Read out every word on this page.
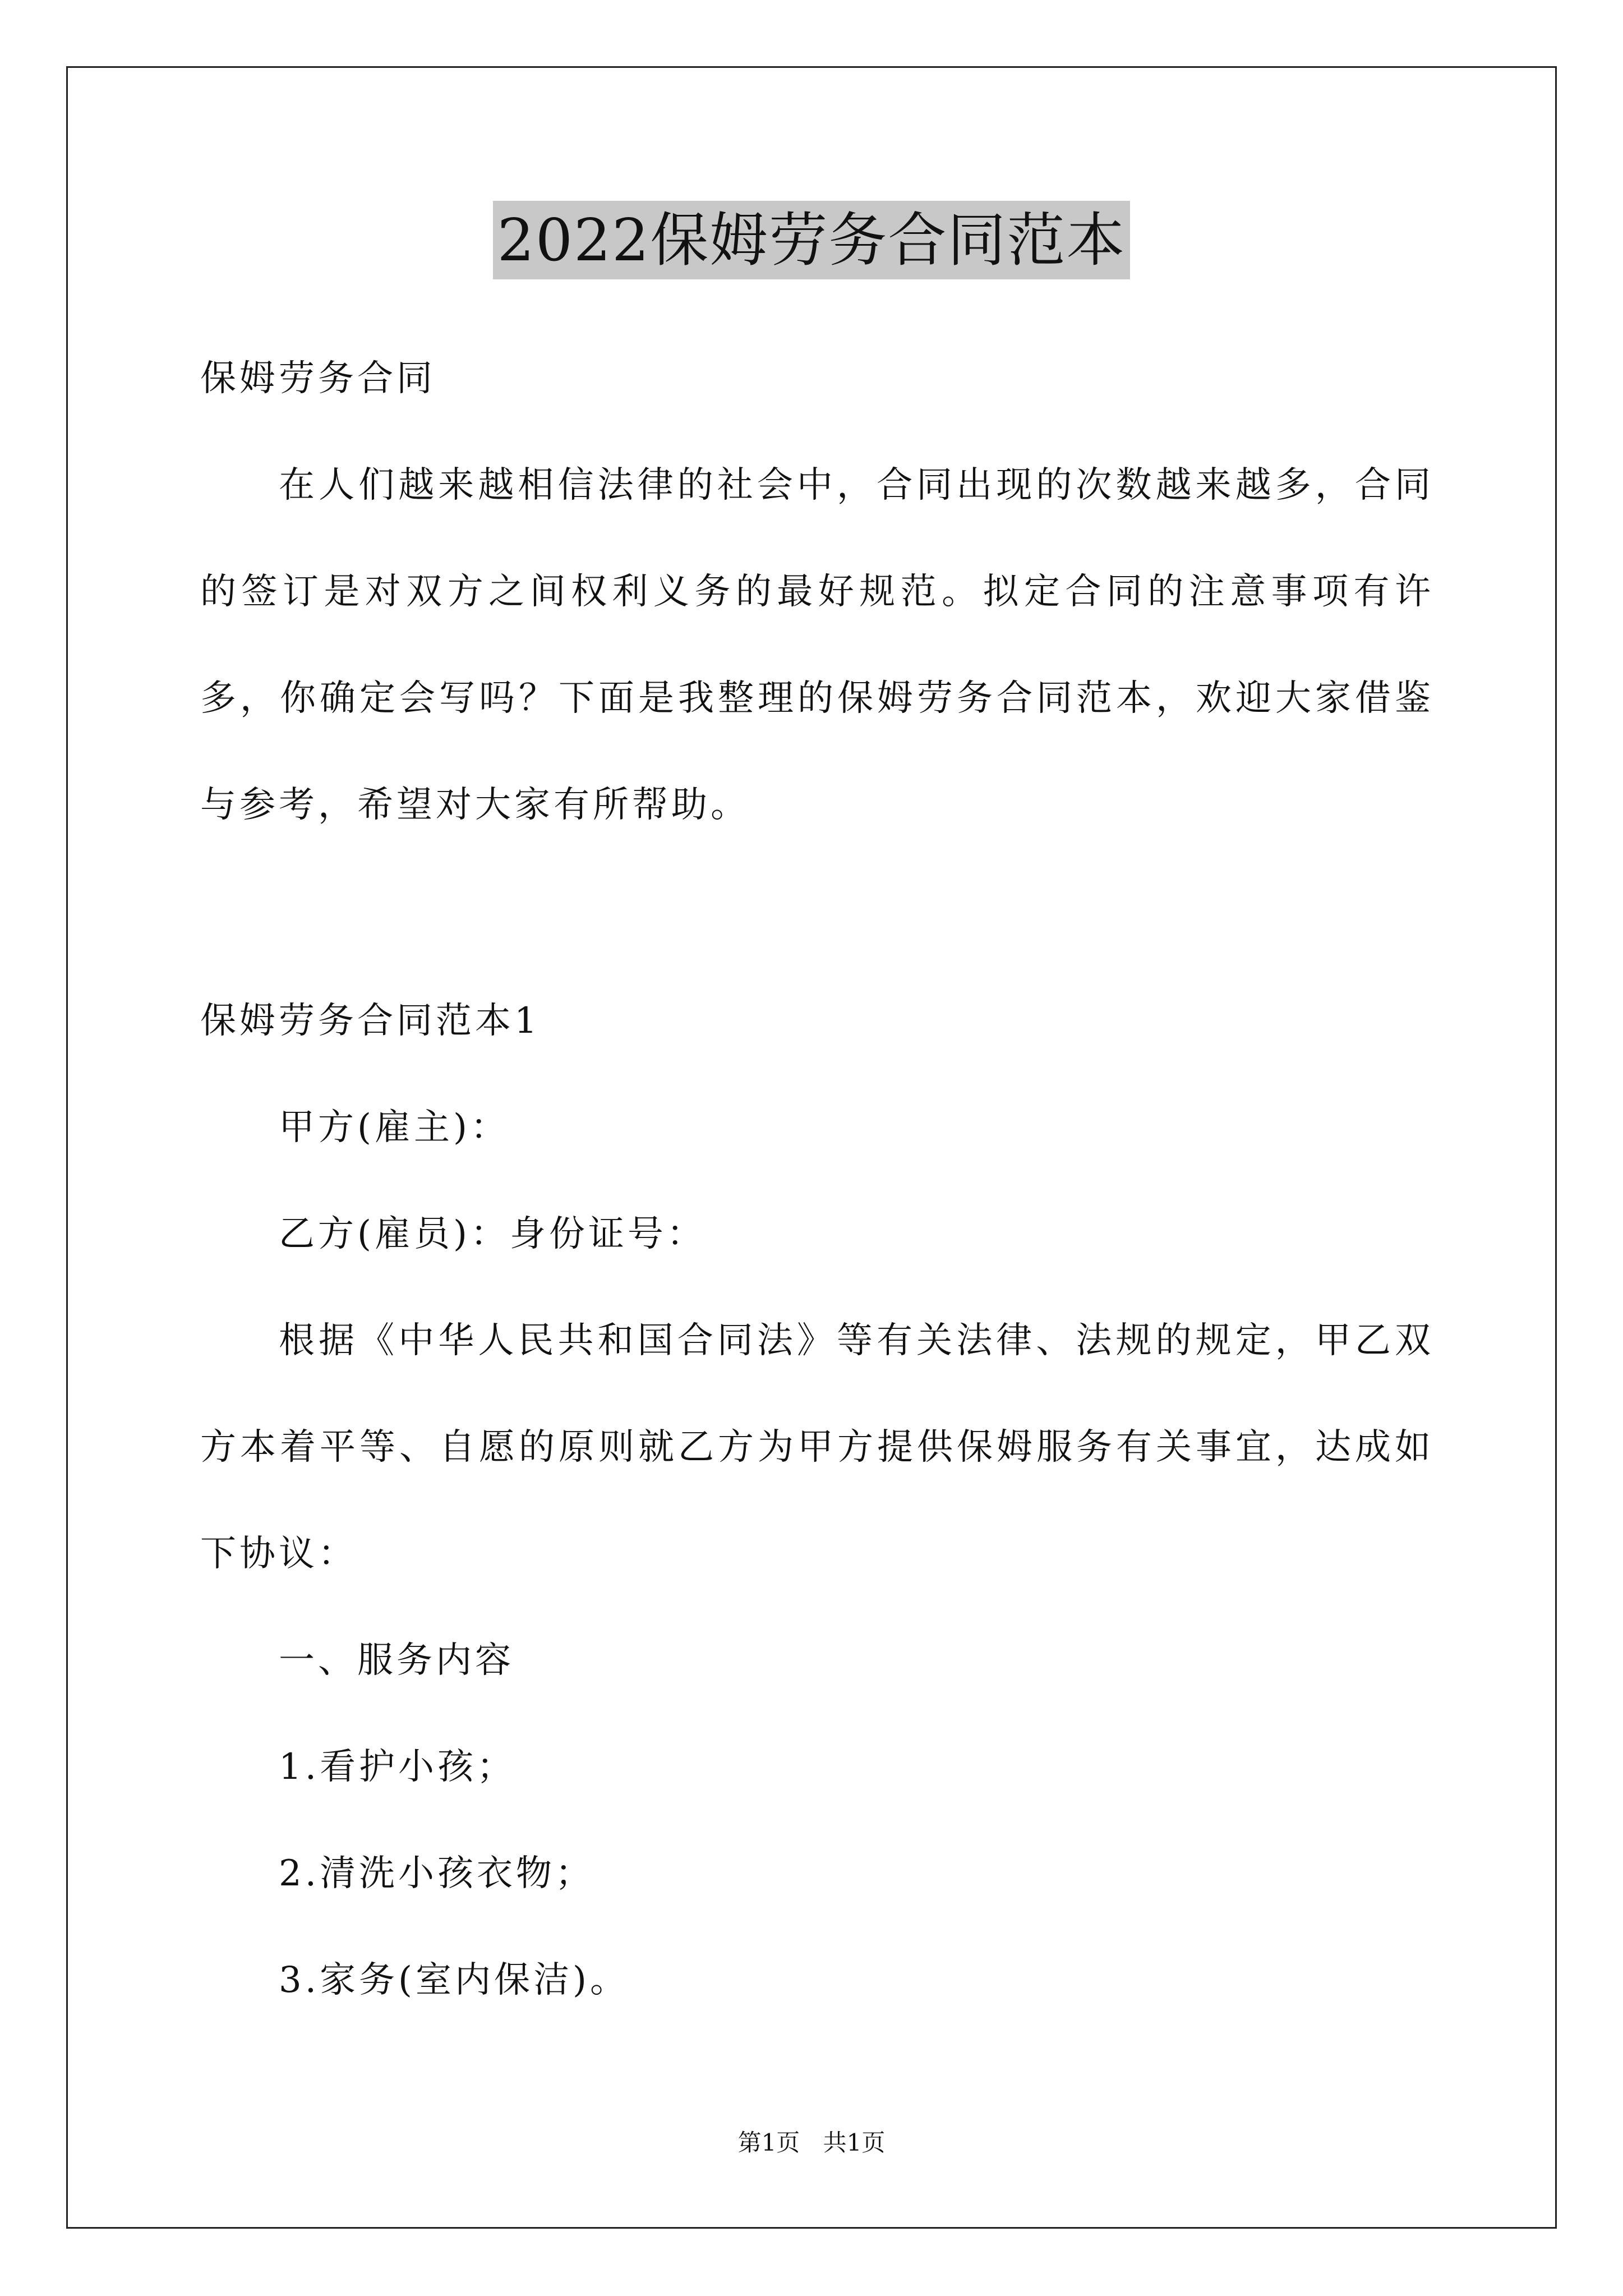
2022保姆劳务合同范本
保姆劳务合同
在人们越来越相信法律的社会中，合同出现的次数越来越多，合同的签订是对双方之间权利义务的最好规范。拟定合同的注意事项有许多，你确定会写吗？下面是我整理的保姆劳务合同范本，欢迎大家借鉴与参考，希望对大家有所帮助。
保姆劳务合同范本1
甲方(雇主)：
乙方(雇员)：身份证号：
根据《中华人民共和国合同法》等有关法律、法规的规定，甲乙双方本着平等、自愿的原则就乙方为甲方提供保姆服务有关事宜，达成如下协议：
一、服务内容
1.看护小孩；
2.清洗小孩衣物；
3.家务(室内保洁)。
第1页 共1页
